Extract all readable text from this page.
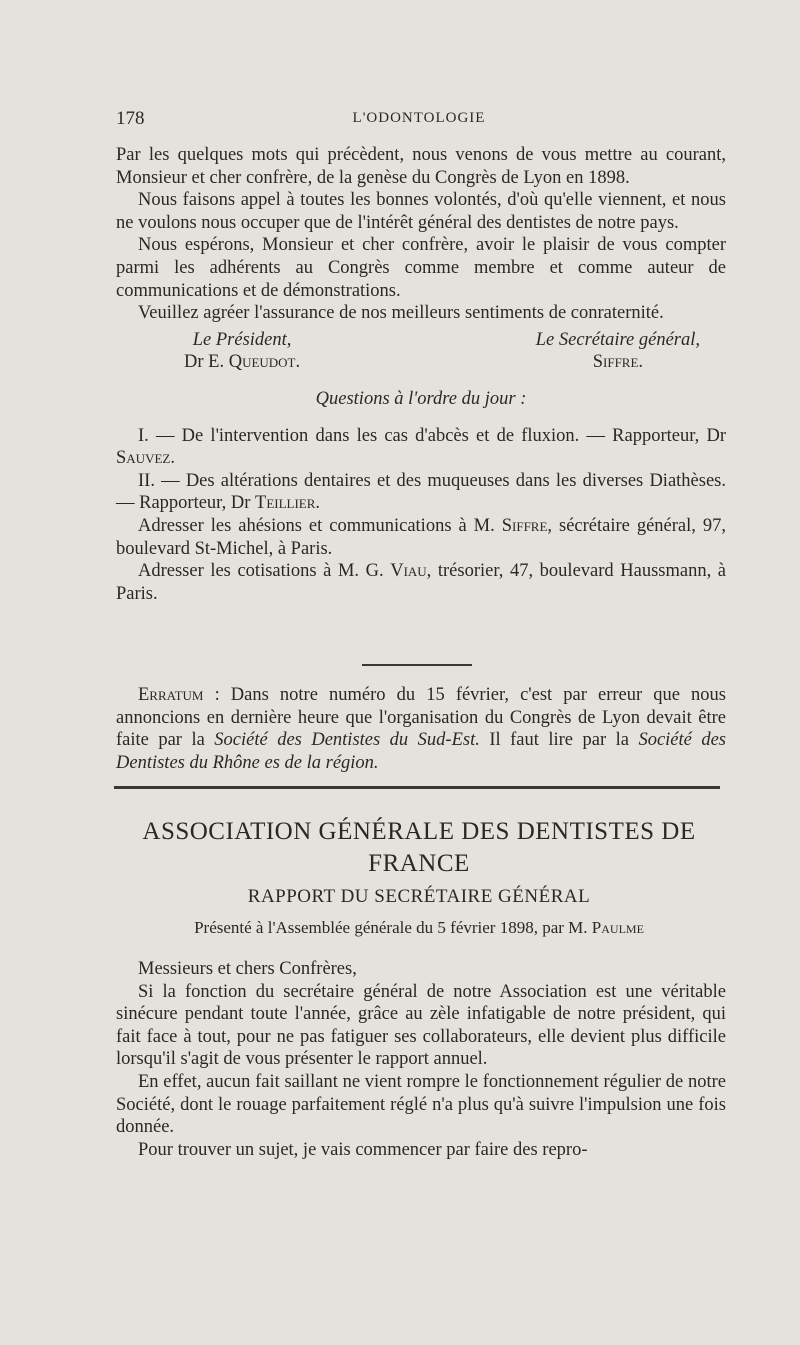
178	L'ODONTOLOGIE

Par les quelques mots qui précèdent, nous venons de vous mettre au courant, Monsieur et cher confrère, de la genèse du Congrès de Lyon en 1898.

Nous faisons appel à toutes les bonnes volontés, d'où qu'elle viennent, et nous ne voulons nous occuper que de l'intérêt général des dentistes de notre pays.

Nous espérons, Monsieur et cher confrère, avoir le plaisir de vous compter parmi les adhérents au Congrès comme membre et comme auteur de communications et de démonstrations.

Veuillez agréer l'assurance de nos meilleurs sentiments de conraternité.

Le Président,
Dr E. Queudot.
Le Secrétaire général,
Siffre.
Questions à l'ordre du jour :

I. — De l'intervention dans les cas d'abcès et de fluxion. — Rapporteur, Dr Sauvez.

II. — Des altérations dentaires et des muqueuses dans les diverses Diathèses. — Rapporteur, Dr Teillier.

Adresser les ahésions et communications à M. Siffre, sécrétaire général, 97, boulevard St-Michel, à Paris.

Adresser les cotisations à M. G. Viau, trésorier, 47, boulevard Haussmann, à Paris.

Erratum : Dans notre numéro du 15 février, c'est par erreur que nous annoncions en dernière heure que l'organisation du Congrès de Lyon devait être faite par la Société des Dentistes du Sud-Est. Il faut lire par la Société des Dentistes du Rhône es de la région.

ASSOCIATION GÉNÉRALE DES DENTISTES DE FRANCE
RAPPORT DU SECRÉTAIRE GÉNÉRAL
Présenté à l'Assemblée générale du 5 février 1898, par M. Paulme

Messieurs et chers Confrères,

Si la fonction du secrétaire général de notre Association est une véritable sinécure pendant toute l'année, grâce au zèle infatigable de notre président, qui fait face à tout, pour ne pas fatiguer ses collaborateurs, elle devient plus difficile lorsqu'il s'agit de vous présenter le rapport annuel.

En effet, aucun fait saillant ne vient rompre le fonctionnement régulier de notre Société, dont le rouage parfaitement réglé n'a plus qu'à suivre l'impulsion une fois donnée.

Pour trouver un sujet, je vais commencer par faire des repro-
